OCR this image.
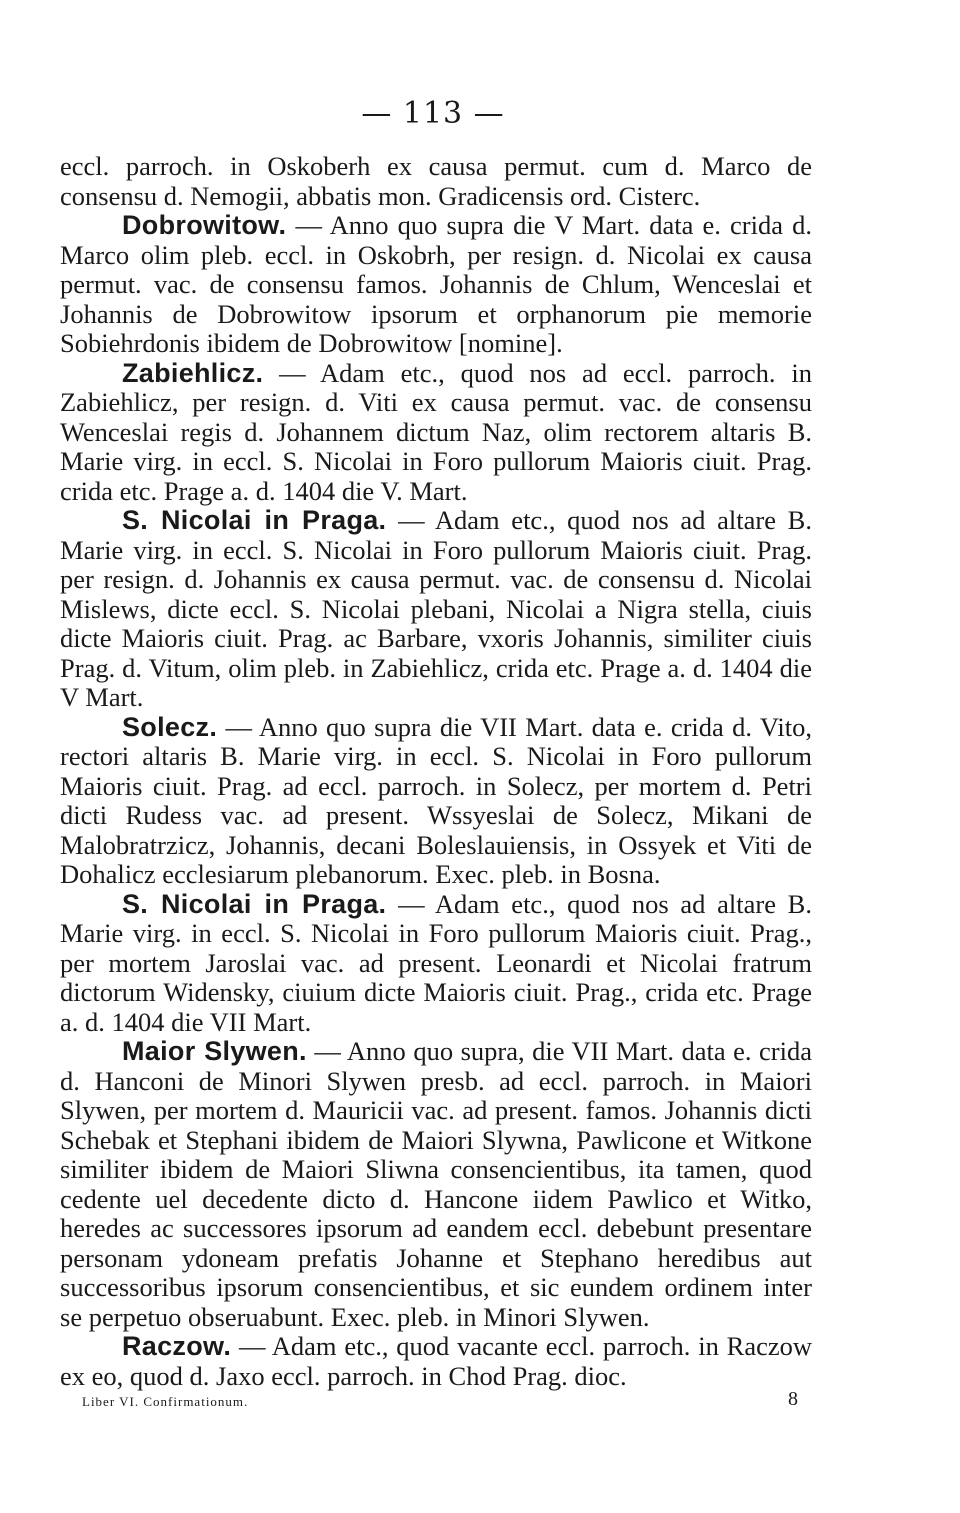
— 113 —

eccl. parroch. in Oskoberh ex causa permut. cum d. Marco de consensu d. Nemogii, abbatis mon. Gradicensis ord. Cisterc.

Dobrowitow. — Anno quo supra die V Mart. data e. crida d. Marco olim pleb. eccl. in Oskobrh, per resign. d. Nicolai ex causa permut. vac. de consensu famos. Johannis de Chlum, Wenceslai et Johannis de Dobrowitow ipsorum et orphanorum pie memorie Sobiehrdonis ibidem de Dobrowitow [nomine].

Zabiehlicz. — Adam etc., quod nos ad eccl. parroch. in Zabiehlicz, per resign. d. Viti ex causa permut. vac. de consensu Wenceslai regis d. Johannem dictum Naz, olim rectorem altaris B. Marie virg. in eccl. S. Nicolai in Foro pullorum Maioris ciuit. Prag. crida etc. Prage a. d. 1404 die V. Mart.

S. Nicolai in Praga. — Adam etc., quod nos ad altare B. Marie virg. in eccl. S. Nicolai in Foro pullorum Maioris ciuit. Prag. per resign. d. Johannis ex causa permut. vac. de consensu d. Nicolai Mislews, dicte eccl. S. Nicolai plebani, Nicolai a Nigra stella, ciuis dicte Maioris ciuit. Prag. ac Barbare, vxoris Johannis, similiter ciuis Prag. d. Vitum, olim pleb. in Zabiehlicz, crida etc. Prage a. d. 1404 die V Mart.

Solecz. — Anno quo supra die VII Mart. data e. crida d. Vito, rectori altaris B. Marie virg. in eccl. S. Nicolai in Foro pullorum Maioris ciuit. Prag. ad eccl. parroch. in Solecz, per mortem d. Petri dicti Rudess vac. ad present. Wssyeslai de Solecz, Mikani de Malobratrzicz, Johannis, decani Boleslauiensis, in Ossyek et Viti de Dohalicz ecclesiarum plebanorum. Exec. pleb. in Bosna.

S. Nicolai in Praga. — Adam etc., quod nos ad altare B. Marie virg. in eccl. S. Nicolai in Foro pullorum Maioris ciuit. Prag., per mortem Jaroslai vac. ad present. Leonardi et Nicolai fratrum dictorum Widensky, ciuium dicte Maioris ciuit. Prag., crida etc. Prage a. d. 1404 die VII Mart.

Maior Slywen. — Anno quo supra, die VII Mart. data e. crida d. Hanconi de Minori Slywen presb. ad eccl. parroch. in Maiori Slywen, per mortem d. Mauricii vac. ad present. famos. Johannis dicti Schebak et Stephani ibidem de Maiori Slywna, Pawlicone et Witkone similiter ibidem de Maiori Sliwna consencientibus, ita tamen, quod cedente uel decedente dicto d. Hancone iidem Pawlico et Witko, heredes ac successores ipsorum ad eandem eccl. debebunt presentare personam ydoneam prefatis Johanne et Stephano heredibus aut successoribus ipsorum consencientibus, et sic eundem ordinem inter se perpetuo obseruabunt. Exec. pleb. in Minori Slywen.

Raczow. — Adam etc., quod vacante eccl. parroch. in Raczow ex eo, quod d. Jaxo eccl. parroch. in Chod Prag. dioc.

Liber VI. Confirmationum.	8
